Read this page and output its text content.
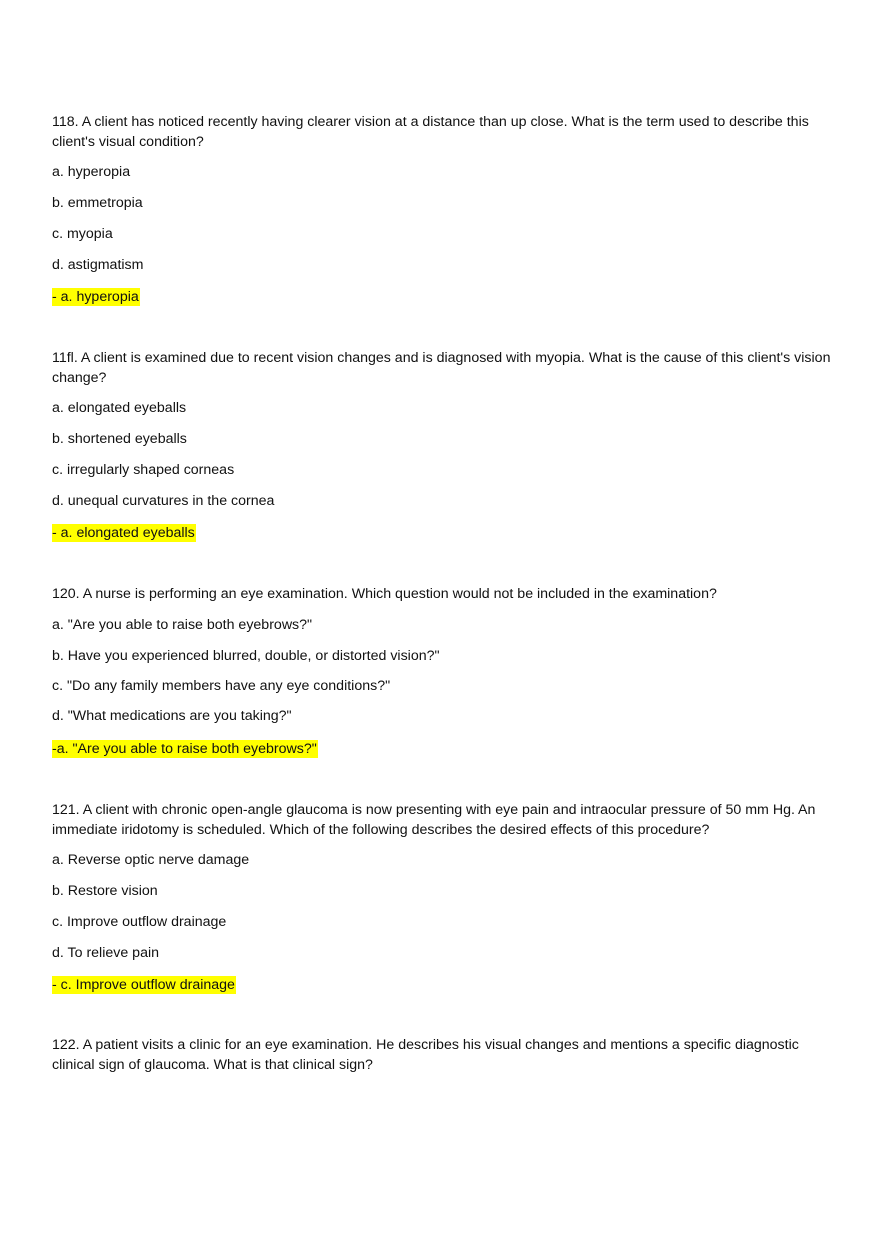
118. A client has noticed recently having clearer vision at a distance than up close. What is the term used to describe this client's visual condition?

a. hyperopia

b. emmetropia

c. myopia

d. astigmatism

- a. hyperopia

11fl. A client is examined due to recent vision changes and is diagnosed with myopia. What is the cause of this client's vision change?

a. elongated eyeballs

b. shortened eyeballs

c. irregularly shaped corneas

d. unequal curvatures in the cornea

- a. elongated eyeballs

120. A nurse is performing an eye examination. Which question would not be included in the examination?

a. "Are you able to raise both eyebrows?"

b. Have you experienced blurred, double, or distorted vision?"

c. "Do any family members have any eye conditions?"

d. "What medications are you taking?"

-a. "Are you able to raise both eyebrows?"

121. A client with chronic open-angle glaucoma is now presenting with eye pain and intraocular pressure of 50 mm Hg. An immediate iridotomy is scheduled. Which of the following describes the desired effects of this procedure?

a. Reverse optic nerve damage

b. Restore vision

c. Improve outflow drainage

d. To relieve pain

- c. Improve outflow drainage

122. A patient visits a clinic for an eye examination. He describes his visual changes and mentions a specific diagnostic clinical sign of glaucoma. What is that clinical sign?
